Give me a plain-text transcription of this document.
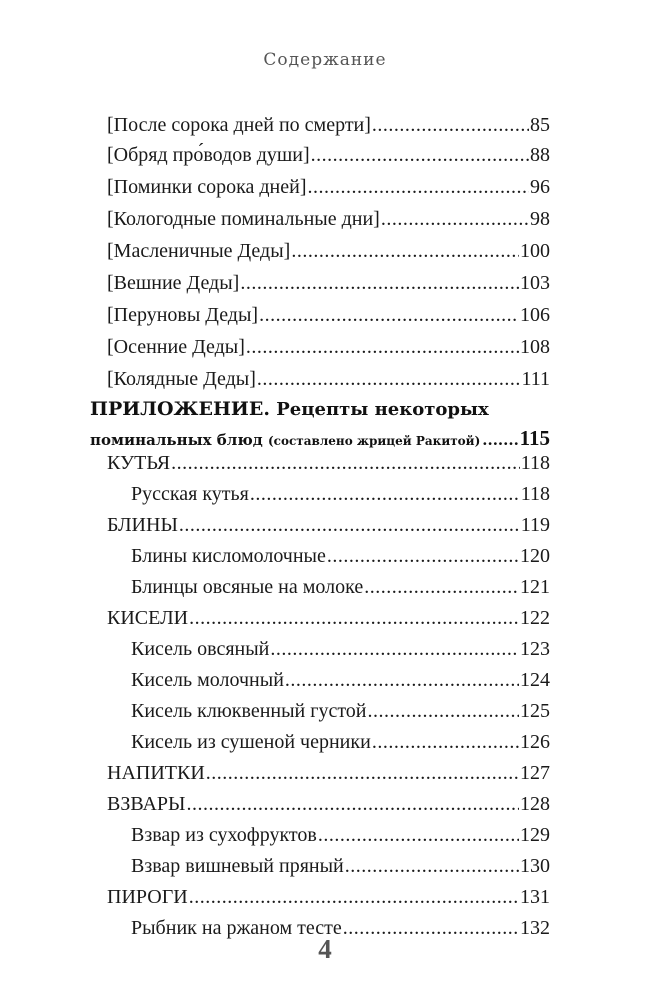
Содержание
[После сорока дней по смерти] .....	85
[Обряд про́водов души] .....	88
[Поминки сорока дней] .....	96
[Кологодные поминальные дни] .....	98
[Масленичные Деды] .....	100
[Вешние Деды] .....	103
[Перуновы Деды] .....	106
[Осенние Деды] .....	108
[Колядные Деды] .....	111
ПРИЛОЖЕНИЕ. Рецепты некоторых
поминальных блюд
(составлено жрицей Ракитой) ..... 115
КУТЬЯ .....	118
Русская кутья .....	118
БЛИНЫ .....	119
Блины кисломолочные .....	120
Блинцы овсяные на молоке .....	121
КИСЕЛИ .....	122
Кисель овсяный .....	123
Кисель молочный .....	124
Кисель клюквенный густой .....	125
Кисель из сушеной черники .....	126
НАПИТКИ .....	127
ВЗВАРЫ .....	128
Взвар из сухофруктов .....	129
Взвар вишневый пряный .....	130
ПИРОГИ .....	131
Рыбник на ржаном тесте .....	132
4
